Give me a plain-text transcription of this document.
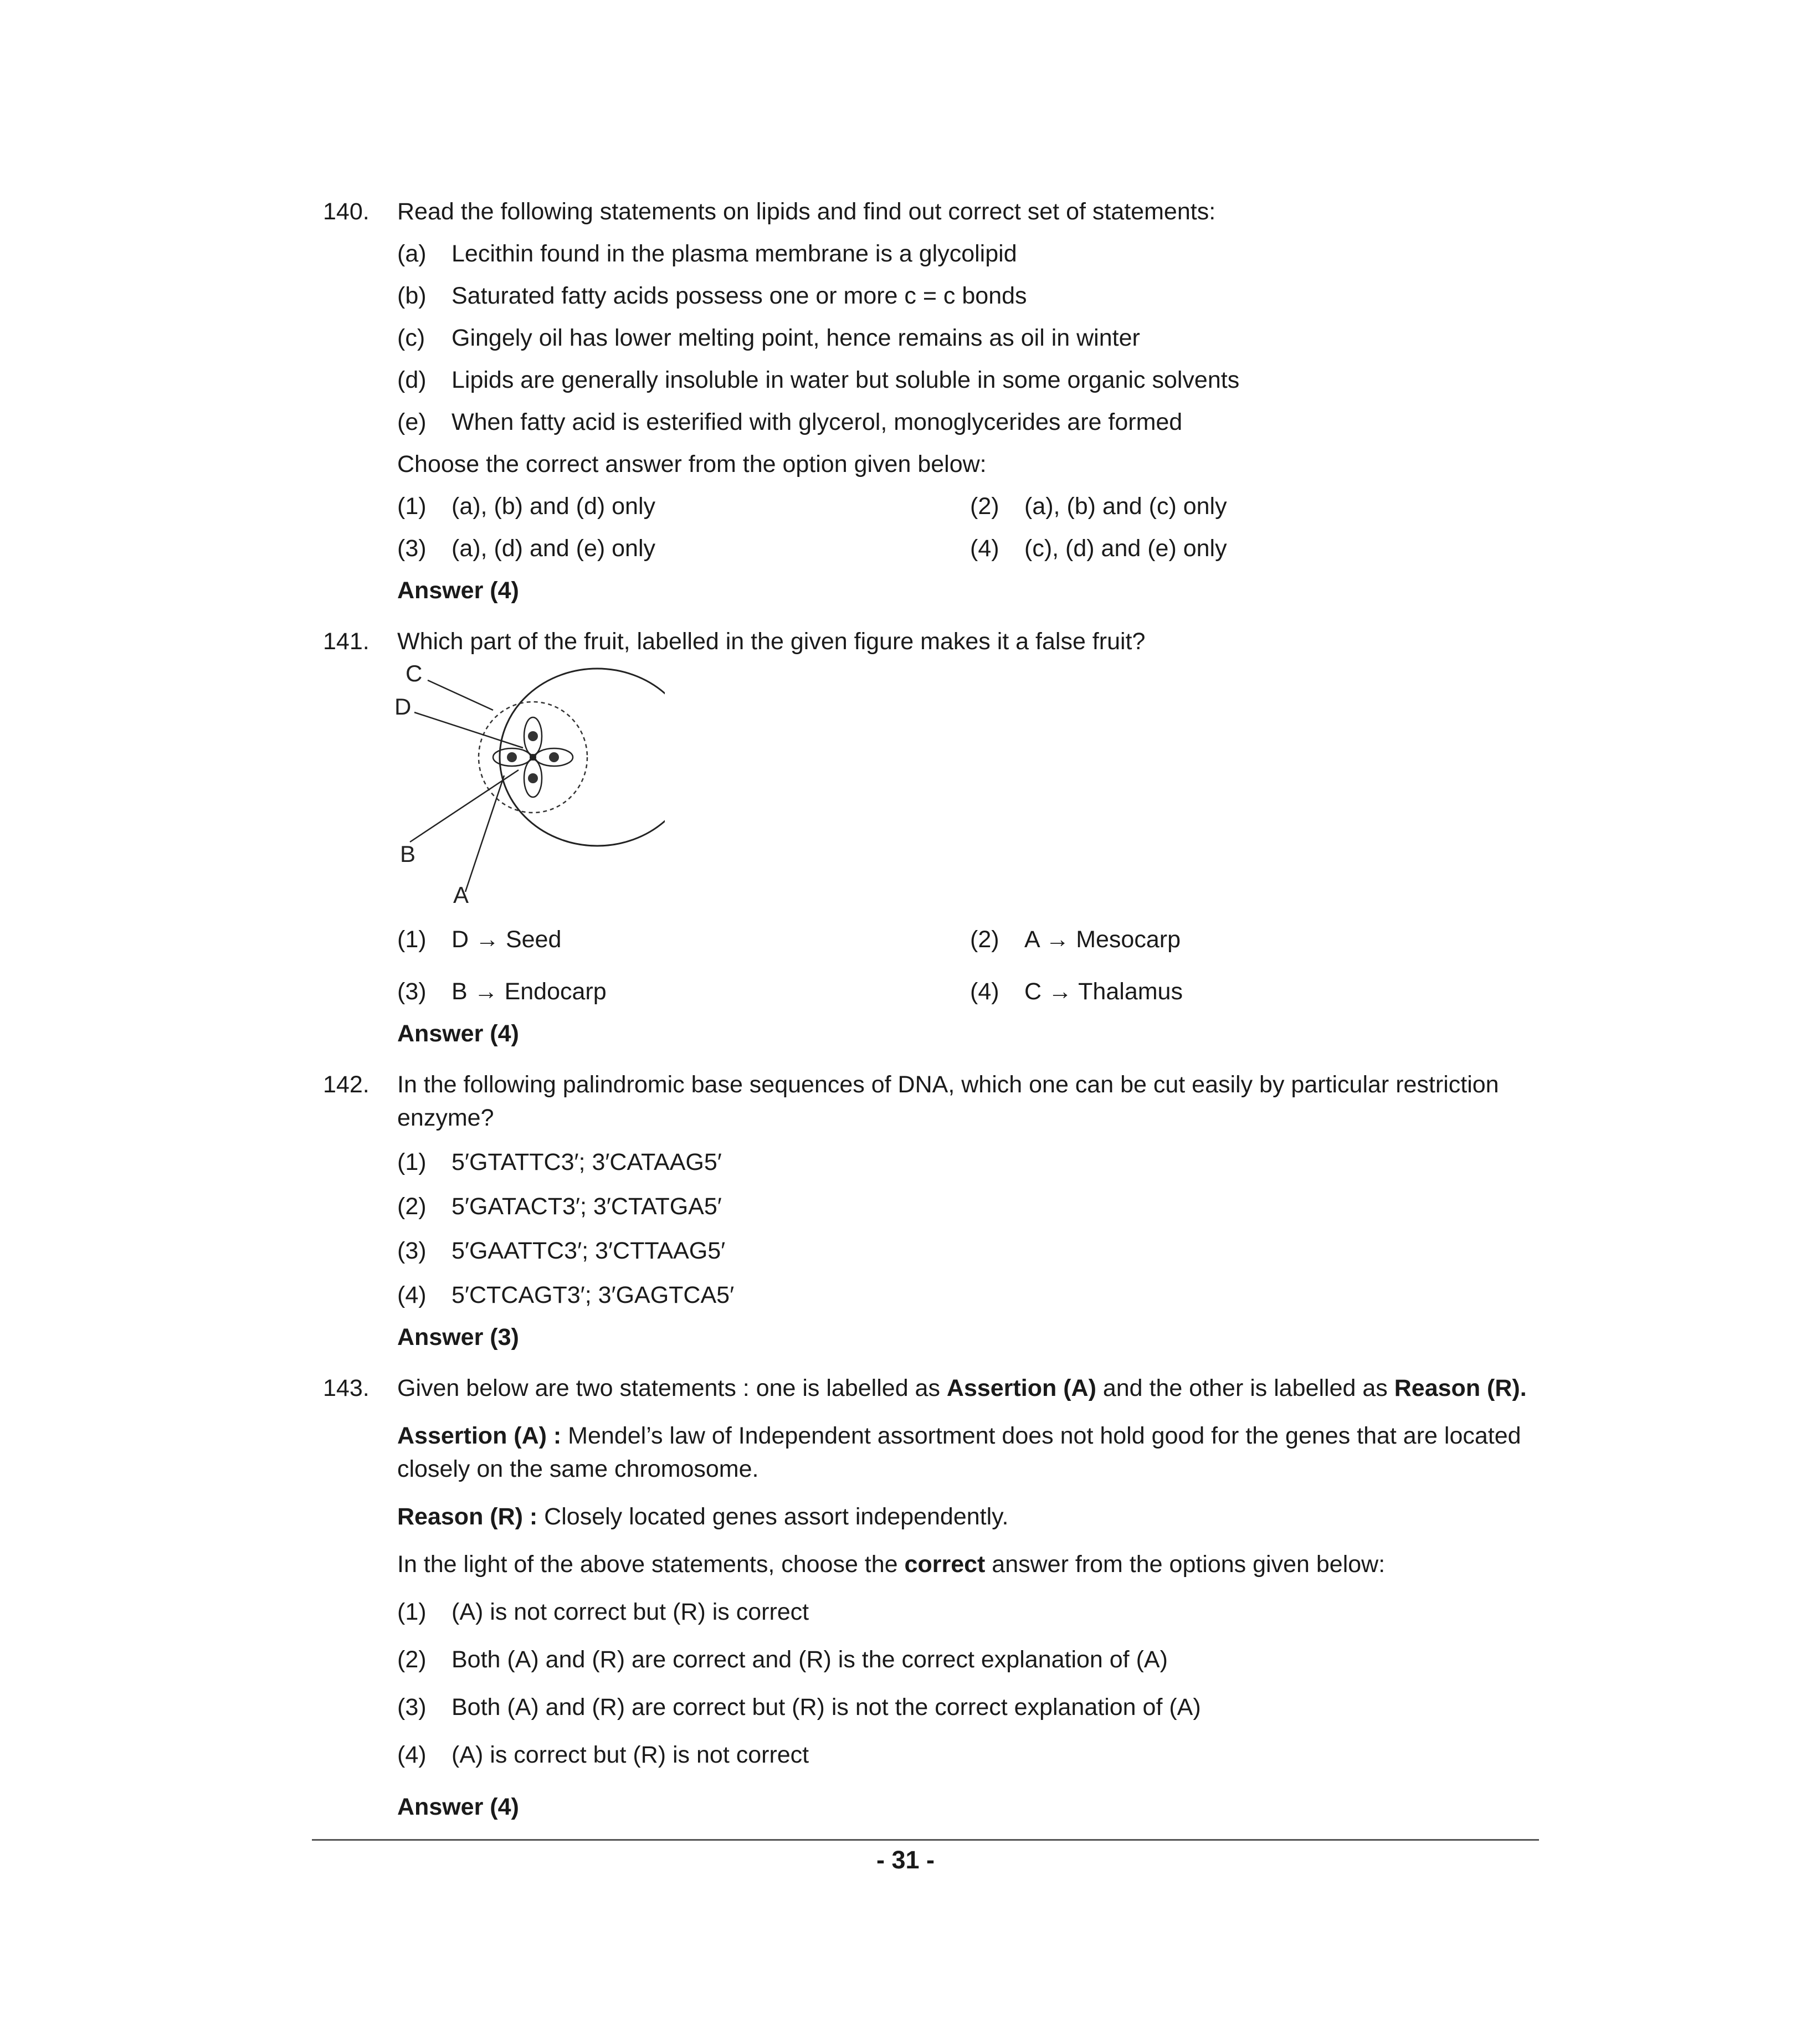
140. Read the following statements on lipids and find out correct set of statements:
(a) Lecithin found in the plasma membrane is a glycolipid
(b) Saturated fatty acids possess one or more c = c bonds
(c) Gingely oil has lower melting point, hence remains as oil in winter
(d) Lipids are generally insoluble in water but soluble in some organic solvents
(e) When fatty acid is esterified with glycerol, monoglycerides are formed
Choose the correct answer from the option given below:
(1) (a), (b) and (d) only	(2) (a), (b) and (c) only
(3) (a), (d) and (e) only	(4) (c), (d) and (e) only
Answer (4)
141. Which part of the fruit, labelled in the given figure makes it a false fruit?
C
D
B
A
(1) D → Seed	(2) A → Mesocarp
(3) B → Endocarp	(4) C → Thalamus
Answer (4)
142. In the following palindromic base sequences of DNA, which one can be cut easily by particular restriction
enzyme?
(1) 5′GTATTC3′; 3′CATAAG5′
(2) 5′GATACT3′; 3′CTATGA5′
(3) 5′GAATTC3′; 3′CTTAAG5′
(4) 5′CTCAGT3′; 3′GAGTCA5′
Answer (3)
143. Given below are two statements : one is labelled as Assertion (A) and the other is labelled as Reason (R).
Assertion (A) : Mendel’s law of Independent assortment does not hold good for the genes that are located
closely on the same chromosome.
Reason (R) : Closely located genes assort independently.
In the light of the above statements, choose the correct answer from the options given below:
(1) (A) is not correct but (R) is correct
(2) Both (A) and (R) are correct and (R) is the correct explanation of (A)
(3) Both (A) and (R) are correct but (R) is not the correct explanation of (A)
(4) (A) is correct but (R) is not correct
Answer (4)
- 31 -
